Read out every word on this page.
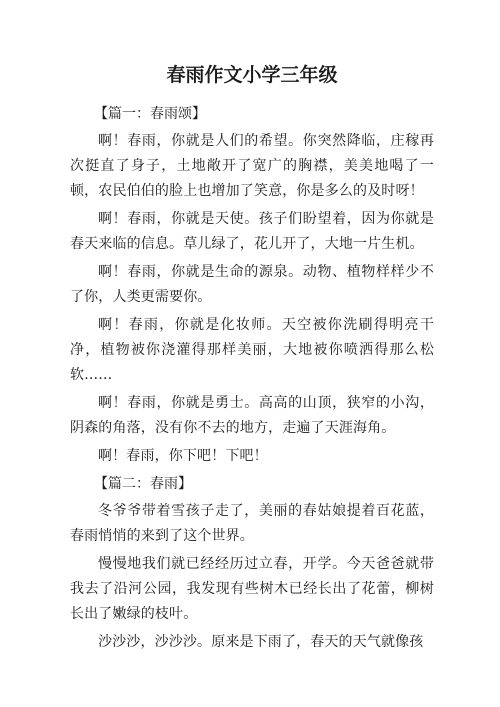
春雨作文小学三年级
【篇一：春雨颂】

啊！春雨，你就是人们的希望。你突然降临，庄稼再次挺直了身子，土地敞开了宽广的胸襟，美美地喝了一顿，农民伯伯的脸上也增加了笑意，你是多么的及时呀！

啊！春雨，你就是天使。孩子们盼望着，因为你就是春天来临的信息。草儿绿了，花儿开了，大地一片生机。

啊！春雨，你就是生命的源泉。动物、植物样样少不了你，人类更需要你。

啊！春雨，你就是化妆师。天空被你洗刷得明亮干净，植物被你浇灌得那样美丽，大地被你喷洒得那么松软……

啊！春雨，你就是勇士。高高的山顶，狭窄的小沟，阴森的角落，没有你不去的地方，走遍了天涯海角。

啊！春雨，你下吧！下吧！

【篇二：春雨】

冬爷爷带着雪孩子走了，美丽的春姑娘提着百花蓝，春雨悄悄的来到了这个世界。

慢慢地我们就已经经历过立春，开学。今天爸爸就带我去了沿河公园，我发现有些树木已经长出了花蕾，柳树长出了嫩绿的枝叶。

沙沙沙，沙沙沙。原来是下雨了，春天的天气就像孩
